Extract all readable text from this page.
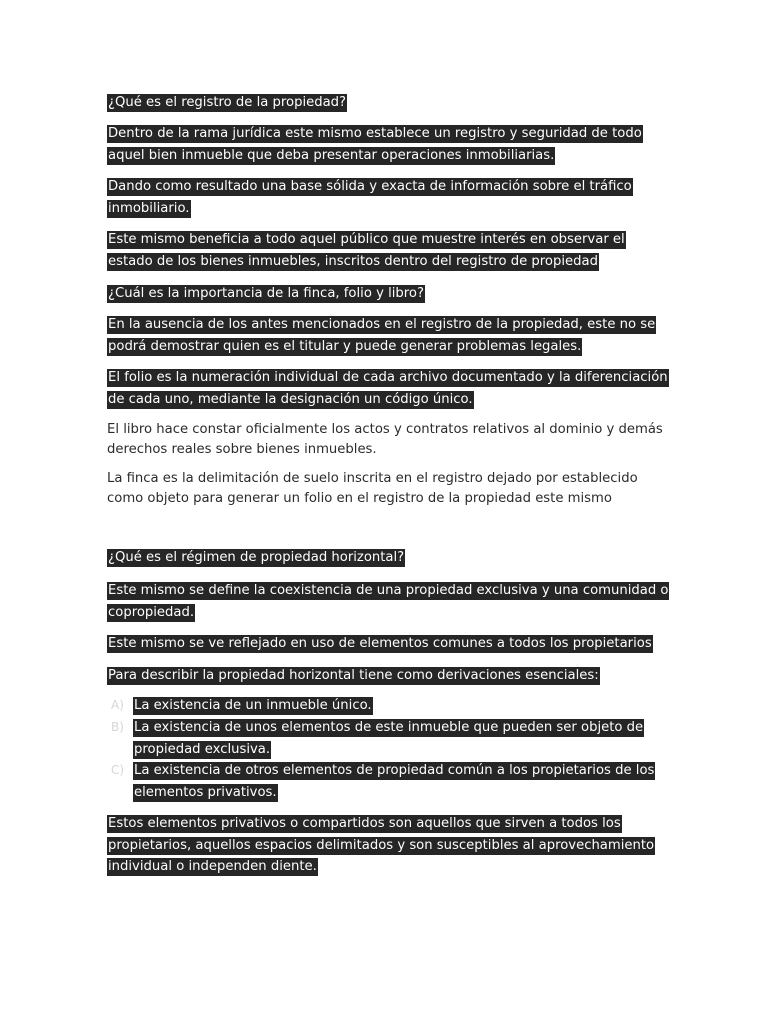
¿Qué es el registro de la propiedad?
Dentro de la rama jurídica este mismo establece un registro y seguridad de todo aquel bien inmueble que deba presentar operaciones inmobiliarias.
Dando como resultado una base sólida y exacta de información sobre el tráfico inmobiliario.
Este mismo beneficia a todo aquel público que muestre interés en observar el estado de los bienes inmuebles, inscritos dentro del registro de propiedad
¿Cuál es la importancia de la finca, folio y libro?
En la ausencia de los antes mencionados en el registro de la propiedad, este no se podrá demostrar quien es el titular y puede generar problemas legales.
El folio es la numeración individual de cada archivo documentado y la diferenciación de cada uno, mediante la designación un código único.
El libro hace constar oficialmente los actos y contratos relativos al dominio y demás derechos reales sobre bienes inmuebles.
La finca es la delimitación de suelo inscrita en el registro dejado por establecido como objeto para generar un folio en el registro de la propiedad este mismo
¿Qué es el régimen de propiedad horizontal?
Este mismo se define la coexistencia de una propiedad exclusiva y una comunidad o copropiedad.
Este mismo se ve reflejado en uso de elementos comunes a todos los propietarios
Para describir la propiedad horizontal tiene como derivaciones esenciales:
A) La existencia de un inmueble único.
B) La existencia de unos elementos de este inmueble que pueden ser objeto de propiedad exclusiva.
C) La existencia de otros elementos de propiedad común a los propietarios de los elementos privativos.
Estos elementos privativos o compartidos son aquellos que sirven a todos los propietarios, aquellos espacios delimitados y son susceptibles al aprovechamiento individual o independen diente.
